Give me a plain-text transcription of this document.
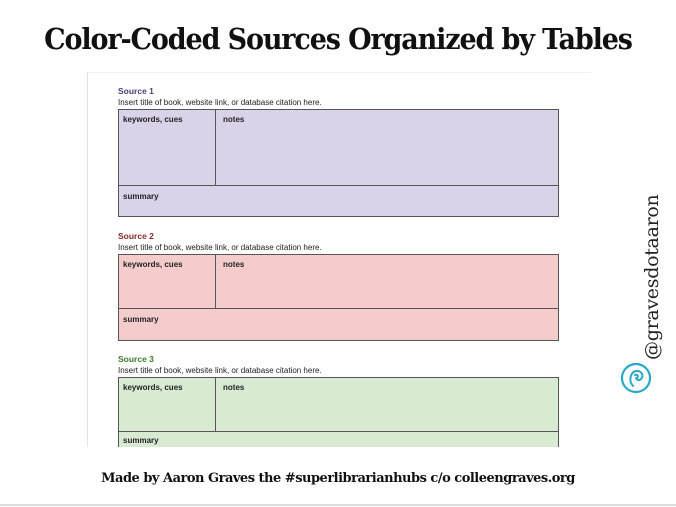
Color-Coded Sources Organized by Tables
Source 1
Insert title of book, website link, or database citation here.
keywords, cues	notes
summary
Source 2
Insert title of book, website link, or database citation here.
keywords, cues	notes
summary
Source 3
Insert title of book, website link, or database citation here.
keywords, cues	notes
summary
@gravesdotaaron
Made by Aaron Graves the #superlibrarianhubs c/o colleengraves.org
